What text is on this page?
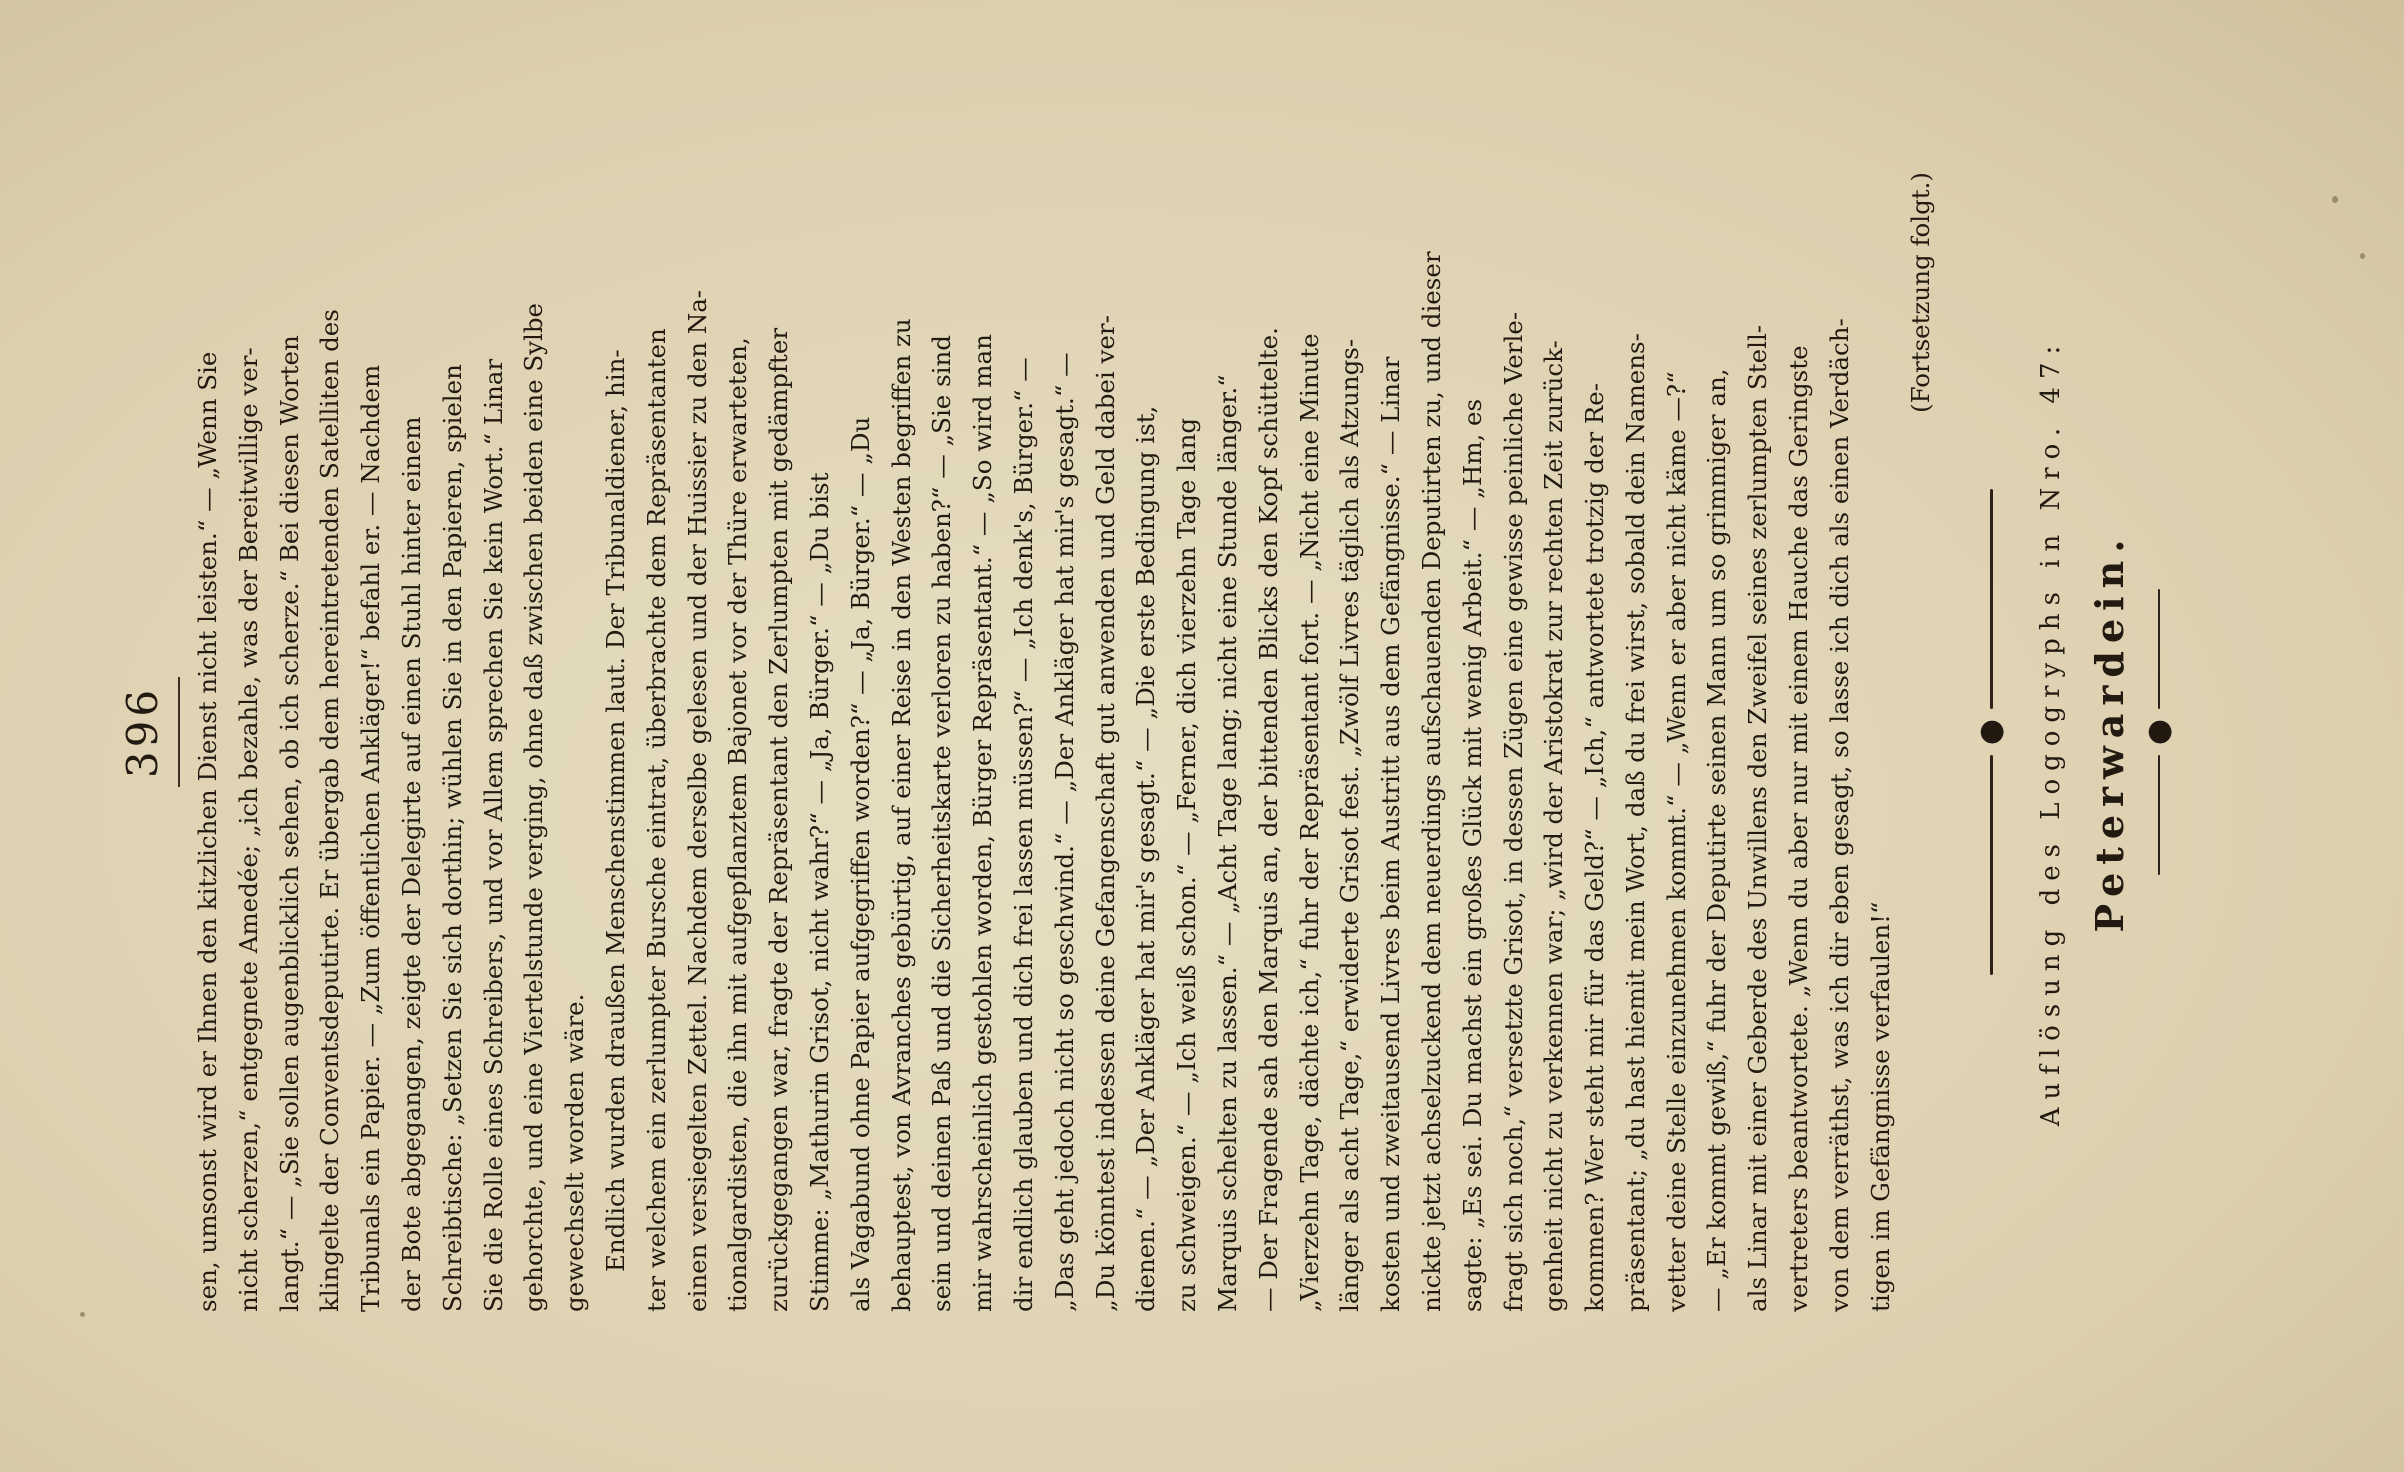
396 sen, umsonst wird er Ihnen den kitzlichen Dienst nicht leisten.“ — „Wenn Sie nicht scherzen,“ entgegnete Amedée; „ich bezahle, was der Bereitwillige ver- langt.“ — „Sie sollen augenblicklich sehen, ob ich scherze.“ Bei diesen Worten klingelte der Conventsdeputirte. Er übergab dem hereintretenden Satelliten des Tribunals ein Papier. — „Zum öffentlichen Ankläger!“ befahl er. — Nachdem der Bote abgegangen, zeigte der Delegirte auf einen Stuhl hinter einem Schreibtische: „Setzen Sie sich dorthin; wühlen Sie in den Papieren, spielen Sie die Rolle eines Schreibers, und vor Allem sprechen Sie kein Wort.“ Linar gehorchte, und eine Viertelstunde verging, ohne daß zwischen beiden eine Sylbe gewechselt worden wäre. Endlich wurden draußen Menschenstimmen laut. Der Tribunaldiener, hin- ter welchem ein zerlumpter Bursche eintrat, überbrachte dem Repräsentanten einen versiegelten Zettel. Nachdem derselbe gelesen und der Huissier zu den Na- tionalgardisten, die ihn mit aufgepflanztem Bajonet vor der Thüre erwarteten, zurückgegangen war, fragte der Repräsentant den Zerlumpten mit gedämpfter Stimme: „Mathurin Grisot, nicht wahr?“ — „Ja, Bürger.“ — „Du bist als Vagabund ohne Papier aufgegriffen worden?“ — „Ja, Bürger.“ — „Du behauptest, von Avranches gebürtig, auf einer Reise in den Westen begriffen zu sein und deinen Paß und die Sicherheitskarte verloren zu haben?“ — „Sie sind mir wahrscheinlich gestohlen worden, Bürger Repräsentant.“ — „So wird man dir endlich glauben und dich frei lassen müssen?“ — „Ich denk's, Bürger.“ — „Das geht jedoch nicht so geschwind.“ — „Der Ankläger hat mir's gesagt.“ — „Du könntest indessen deine Gefangenschaft gut anwenden und Geld dabei ver- dienen.“ — „Der Ankläger hat mir's gesagt.“ — „Die erste Bedingung ist, zu schweigen.“ — „Ich weiß schon.“ — „Ferner, dich vierzehn Tage lang Marquis schelten zu lassen.“ — „Acht Tage lang; nicht eine Stunde länger.“ — Der Fragende sah den Marquis an, der bittenden Blicks den Kopf schüttelte. „Vierzehn Tage, dächte ich,“ fuhr der Repräsentant fort. — „Nicht eine Minute länger als acht Tage,“ erwiderte Grisot fest. „Zwölf Livres täglich als Atzungs- kosten und zweitausend Livres beim Austritt aus dem Gefängnisse.“ — Linar nickte jetzt achselzuckend dem neuerdings aufschauenden Deputirten zu, und dieser sagte: „Es sei. Du machst ein großes Glück mit wenig Arbeit.“ — „Hm, es fragt sich noch,“ versetzte Grisot, in dessen Zügen eine gewisse peinliche Verle- genheit nicht zu verkennen war; „wird der Aristokrat zur rechten Zeit zurück- kommen? Wer steht mir für das Geld?“ — „Ich,“ antwortete trotzig der Re- präsentant; „du hast hiemit mein Wort, daß du frei wirst, sobald dein Namens- vetter deine Stelle einzunehmen kommt.“ — „Wenn er aber nicht käme —?“ — „Er kommt gewiß,“ fuhr der Deputirte seinen Mann um so grimmiger an, als Linar mit einer Geberde des Unwillens den Zweifel seines zerlumpten Stell- vertreters beantwortete. „Wenn du aber nur mit einem Hauche das Geringste von dem verräthst, was ich dir eben gesagt, so lasse ich dich als einen Verdäch- tigen im Gefängnisse verfaulen!“
(Fortsetzung folgt.)
● Auflösung des Logogryphs in Nro. 47: Peterwardein. ●
